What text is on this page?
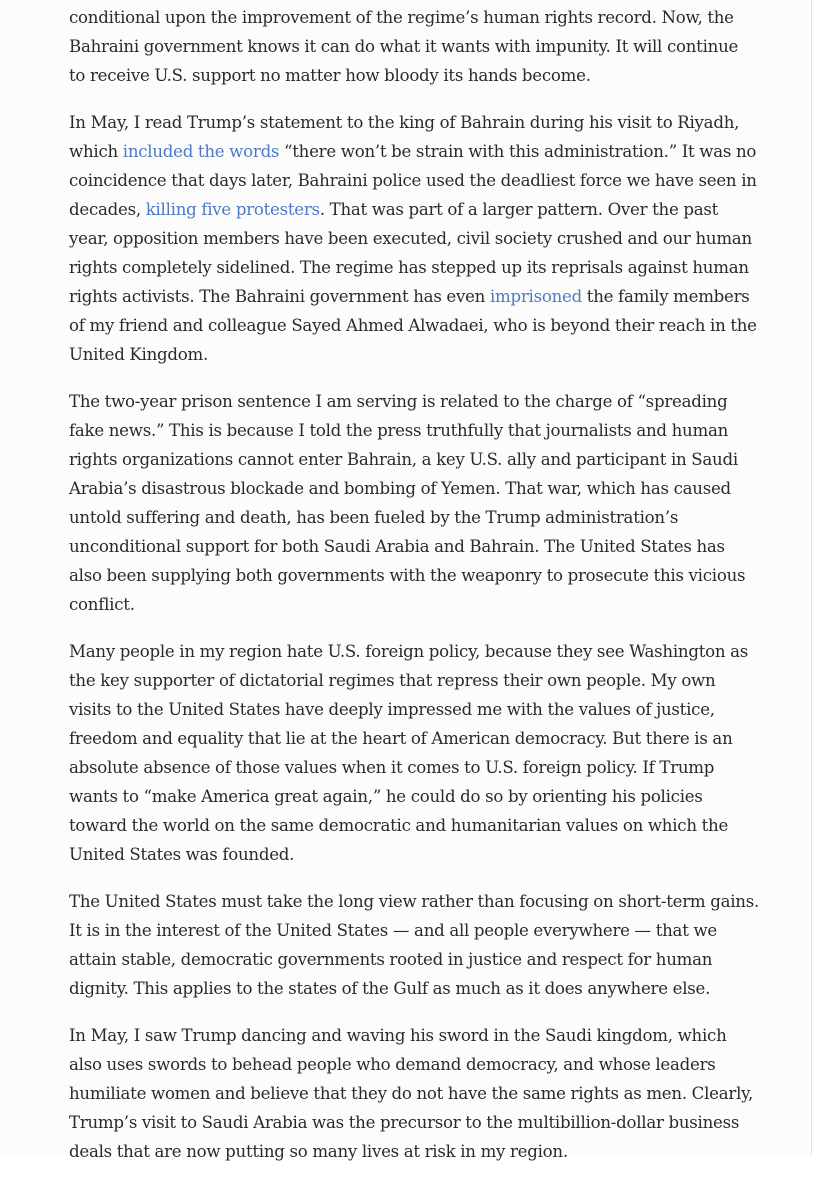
conditional upon the improvement of the regime’s human rights record. Now, the Bahraini government knows it can do what it wants with impunity. It will continue to receive U.S. support no matter how bloody its hands become.

In May, I read Trump’s statement to the king of Bahrain during his visit to Riyadh, which included the words “there won’t be strain with this administration.” It was no coincidence that days later, Bahraini police used the deadliest force we have seen in decades, killing five protesters. That was part of a larger pattern. Over the past year, opposition members have been executed, civil society crushed and our human rights completely sidelined. The regime has stepped up its reprisals against human rights activists. The Bahraini government has even imprisoned the family members of my friend and colleague Sayed Ahmed Alwadaei, who is beyond their reach in the United Kingdom.

The two-year prison sentence I am serving is related to the charge of “spreading fake news.” This is because I told the press truthfully that journalists and human rights organizations cannot enter Bahrain, a key U.S. ally and participant in Saudi Arabia’s disastrous blockade and bombing of Yemen. That war, which has caused untold suffering and death, has been fueled by the Trump administration’s unconditional support for both Saudi Arabia and Bahrain. The United States has also been supplying both governments with the weaponry to prosecute this vicious conflict.

Many people in my region hate U.S. foreign policy, because they see Washington as the key supporter of dictatorial regimes that repress their own people. My own visits to the United States have deeply impressed me with the values of justice, freedom and equality that lie at the heart of American democracy. But there is an absolute absence of those values when it comes to U.S. foreign policy. If Trump wants to “make America great again,” he could do so by orienting his policies toward the world on the same democratic and humanitarian values on which the United States was founded.

The United States must take the long view rather than focusing on short-term gains. It is in the interest of the United States — and all people everywhere — that we attain stable, democratic governments rooted in justice and respect for human dignity. This applies to the states of the Gulf as much as it does anywhere else.

In May, I saw Trump dancing and waving his sword in the Saudi kingdom, which also uses swords to behead people who demand democracy, and whose leaders humiliate women and believe that they do not have the same rights as men. Clearly, Trump’s visit to Saudi Arabia was the precursor to the multibillion-dollar business deals that are now putting so many lives at risk in my region.
